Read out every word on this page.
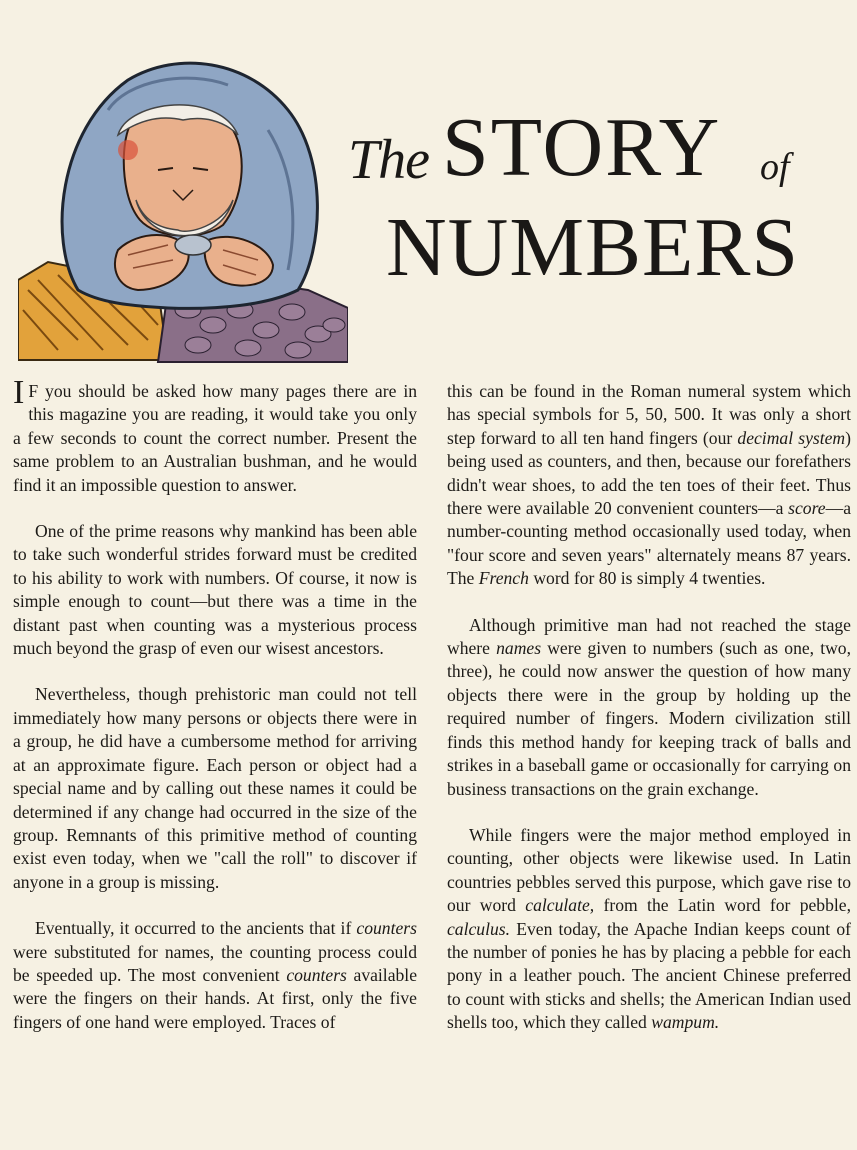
The STORY of
NUMBERS

I F you should be asked how many pages there are in this magazine you are reading, it would take you only a few seconds to count the correct number. Present the same problem to an Australian bushman, and he would find it an impossible question to answer.

One of the prime reasons why mankind has been able to take such wonderful strides forward must be credited to his ability to work with numbers. Of course, it now is simple enough to count—but there was a time in the distant past when counting was a mysterious process much beyond the grasp of even our wisest ancestors.

Nevertheless, though prehistoric man could not tell immediately how many persons or objects there were in a group, he did have a cumbersome method for arriving at an approximate figure. Each person or object had a special name and by calling out these names it could be determined if any change had occurred in the size of the group. Remnants of this primitive method of counting exist even today, when we "call the roll" to discover if anyone in a group is missing.

Eventually, it occurred to the ancients that if counters were substituted for names, the counting process could be speeded up. The most convenient counters available were the fingers on their hands. At first, only the five fingers of one hand were employed. Traces of

this can be found in the Roman numeral system which has special symbols for 5, 50, 500. It was only a short step forward to all ten hand fingers (our decimal system) being used as counters, and then, because our forefathers didn't wear shoes, to add the ten toes of their feet. Thus there were available 20 convenient counters—a score—a number-counting method occasionally used today, when "four score and seven years" alternately means 87 years. The French word for 80 is simply 4 twenties.

Although primitive man had not reached the stage where names were given to numbers (such as one, two, three), he could now answer the question of how many objects there were in the group by holding up the required number of fingers. Modern civilization still finds this method handy for keeping track of balls and strikes in a baseball game or occasionally for carrying on business transactions on the grain exchange.

While fingers were the major method employed in counting, other objects were likewise used. In Latin countries pebbles served this purpose, which gave rise to our word calculate, from the Latin word for pebble, calculus. Even today, the Apache Indian keeps count of the number of ponies he has by placing a pebble for each pony in a leather pouch. The ancient Chinese preferred to count with sticks and shells; the American Indian used shells too, which they called wampum.
